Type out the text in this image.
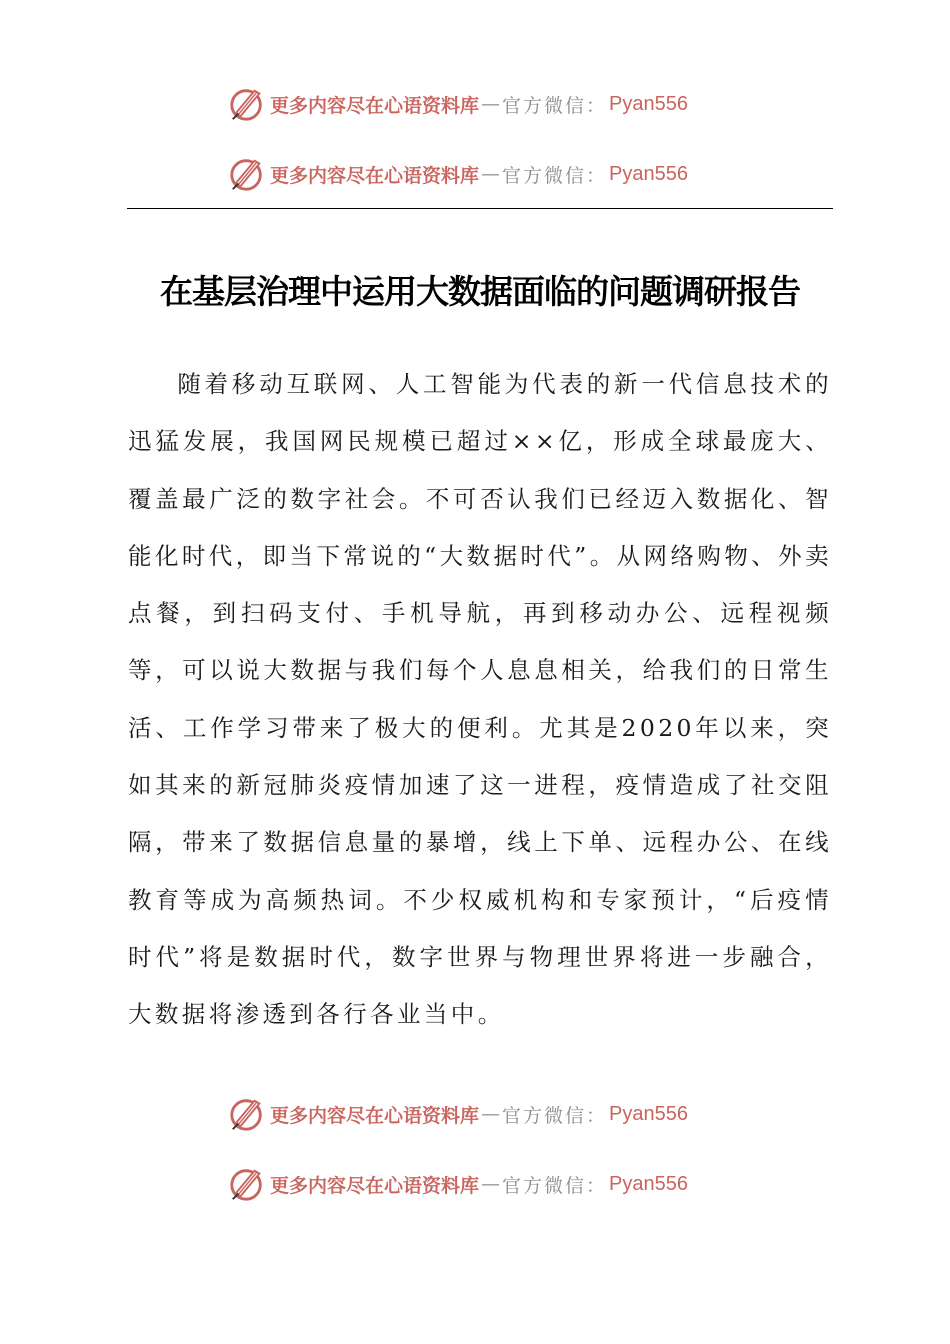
更多内容尽在心语资料库 — 官方微信： Pyan556
更多内容尽在心语资料库 — 官方微信： Pyan556
在基层治理中运用大数据面临的问题调研报告

随着移动互联网、人工智能为代表的新一代信息技术的迅猛发展，我国网民规模已超过××亿，形成全球最庞大、覆盖最广泛的数字社会。不可否认我们已经迈入数据化、智能化时代，即当下常说的“大数据时代”。从网络购物、外卖点餐，到扫码支付、手机导航，再到移动办公、远程视频等，可以说大数据与我们每个人息息相关，给我们的日常生活、工作学习带来了极大的便利。尤其是2020年以来，突如其来的新冠肺炎疫情加速了这一进程，疫情造成了社交阻隔，带来了数据信息量的暴增，线上下单、远程办公、在线教育等成为高频热词。不少权威机构和专家预计，“后疫情时代”将是数据时代，数字世界与物理世界将进一步融合，大数据将渗透到各行各业当中。

更多内容尽在心语资料库 — 官方微信： Pyan556
更多内容尽在心语资料库 — 官方微信： Pyan556
